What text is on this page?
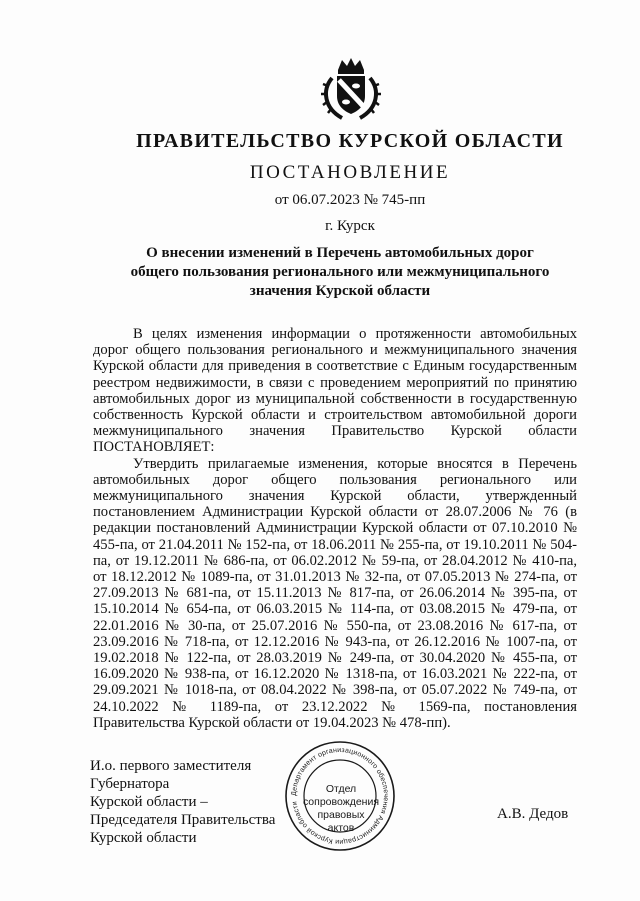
ПРАВИТЕЛЬСТВО КУРСКОЙ ОБЛАСТИ
ПОСТАНОВЛЕНИЕ
от 06.07.2023 № 745-пп
г. Курск
О внесении изменений в Перечень автомобильных дорог общего пользования регионального или межмуниципального значения Курской области

В целях изменения информации о протяженности автомобильных дорог общего пользования регионального и межмуниципального значения Курской области для приведения в соответствие с Единым государственным реестром недвижимости, в связи с проведением мероприятий по принятию автомобильных дорог из муниципальной собственности в государственную собственность Курской области и строительством автомобильной дороги межмуниципального значения Правительство Курской области ПОСТАНОВЛЯЕТ:

Утвердить прилагаемые изменения, которые вносятся в Перечень автомобильных дорог общего пользования регионального или межмуниципального значения Курской области, утвержденный постановлением Администрации Курской области от 28.07.2006 № 76 (в редакции постановлений Администрации Курской области от 07.10.2010 № 455-па, от 21.04.2011 № 152-па, от 18.06.2011 № 255-па, от 19.10.2011 № 504-па, от 19.12.2011 № 686-па, от 06.02.2012 № 59-па, от 28.04.2012 № 410-па, от 18.12.2012 № 1089-па, от 31.01.2013 № 32-па, от 07.05.2013 № 274-па, от 27.09.2013 № 681-па, от 15.11.2013 № 817-па, от 26.06.2014 № 395-па, от 15.10.2014 № 654-па, от 06.03.2015 № 114-па, от 03.08.2015 № 479-па, от 22.01.2016 № 30-па, от 25.07.2016 № 550-па, от 23.08.2016 № 617-па, от 23.09.2016 № 718-па, от 12.12.2016 № 943-па, от 26.12.2016 № 1007-па, от 19.02.2018 № 122-па, от 28.03.2019 № 249-па, от 30.04.2020 № 455-па, от 16.09.2020 № 938-па, от 16.12.2020 № 1318-па, от 16.03.2021 № 222-па, от 29.09.2021 № 1018-па, от 08.04.2022 № 398-па, от 05.07.2022 № 749-па, от 24.10.2022 № 1189-па, от 23.12.2022 № 1569-па, постановления Правительства Курской области от 19.04.2023 № 478-пп).

И.о. первого заместителя Губернатора
Курской области –
Председателя Правительства
Курской области
Департамент организационного обеспечения Администрации Курской области
Отдел
сопровождения
правовых
актов
А.В. Дедов
